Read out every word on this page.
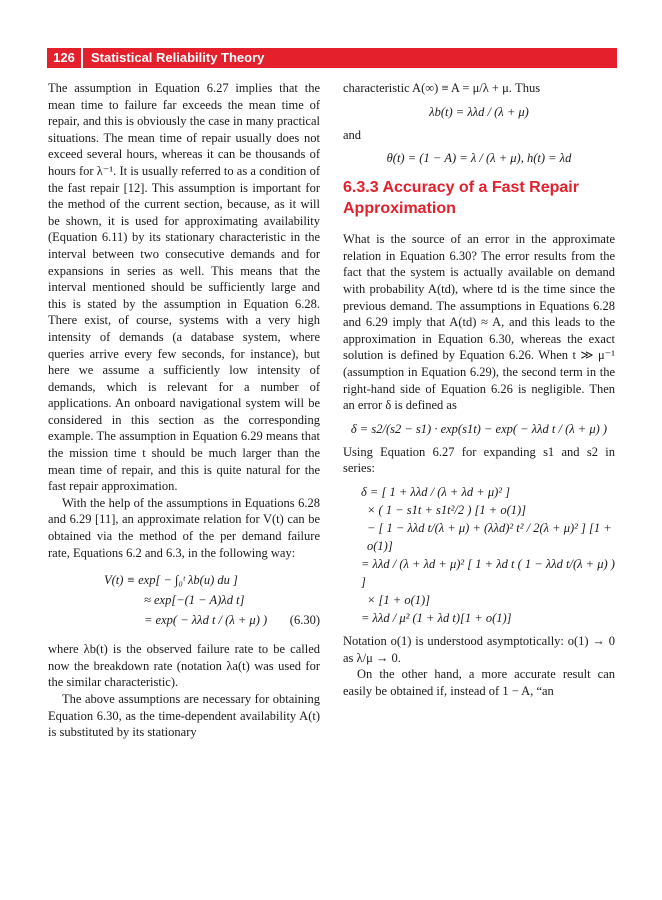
126	Statistical Reliability Theory

The assumption in Equation 6.27 implies that the mean time to failure far exceeds the mean time of repair, and this is obviously the case in many practical situations. The mean time of repair usually does not exceed several hours, whereas it can be thousands of hours for λ⁻¹. It is usually referred to as a condition of the fast repair [12]. This assumption is important for the method of the current section, because, as it will be shown, it is used for approximating availability (Equation 6.11) by its stationary characteristic in the interval between two consecutive demands and for expansions in series as well. This means that the interval mentioned should be sufficiently large and this is stated by the assumption in Equation 6.28. There exist, of course, systems with a very high intensity of demands (a database system, where queries arrive every few seconds, for instance), but here we assume a sufficiently low intensity of demands, which is relevant for a number of applications. An onboard navigational system will be considered in this section as the corresponding example. The assumption in Equation 6.29 means that the mission time t should be much larger than the mean time of repair, and this is quite natural for the fast repair approximation.

With the help of the assumptions in Equations 6.28 and 6.29 [11], an approximate relation for V(t) can be obtained via the method of the per demand failure rate, Equations 6.2 and 6.3, in the following way:

V(t) ≡ exp[ − ∫₀ᵗ λb(u) du ]
≈ exp[−(1 − A)λd t]
= exp( − λλd t / (λ + μ) ) (6.30)

where λb(t) is the observed failure rate to be called now the breakdown rate (notation λa(t) was used for the similar characteristic).

The above assumptions are necessary for obtaining Equation 6.30, as the time-dependent availability A(t) is substituted by its stationary

characteristic A(∞) ≡ A = μ/λ + μ. Thus

λb(t) = λλd / (λ + μ)

and

θ(t) = (1 − A) = λ / (λ + μ), h(t) = λd
6.3.3 Accuracy of a Fast Repair Approximation

What is the source of an error in the approximate relation in Equation 6.30? The error results from the fact that the system is actually available on demand with probability A(td), where td is the time since the previous demand. The assumptions in Equations 6.28 and 6.29 imply that A(td) ≈ A, and this leads to the approximation in Equation 6.30, whereas the exact solution is defined by Equation 6.26. When t ≫ μ⁻¹ (assumption in Equation 6.29), the second term in the right-hand side of Equation 6.26 is negligible. Then an error δ is defined as

δ = s2/(s2 − s1) · exp(s1t) − exp( − λλd t / (λ + μ) )

Using Equation 6.27 for expanding s1 and s2 in series:

δ = [ 1 + λλd / (λ + λd + μ)² ]
× ( 1 − s1t + s1t²/2 ) [1 + o(1)]
− [ 1 − λλd t/(λ + μ) + (λλd)² t² / 2(λ + μ)² ] [1 + o(1)]
= λλd / (λ + λd + μ)² [ 1 + λd t ( 1 − λλd t/(λ + μ) ) ]
× [1 + o(1)]
= λλd / μ² (1 + λd t)[1 + o(1)]

Notation o(1) is understood asymptotically: o(1) → 0 as λ/μ → 0.

On the other hand, a more accurate result can easily be obtained if, instead of 1 − A, “an
